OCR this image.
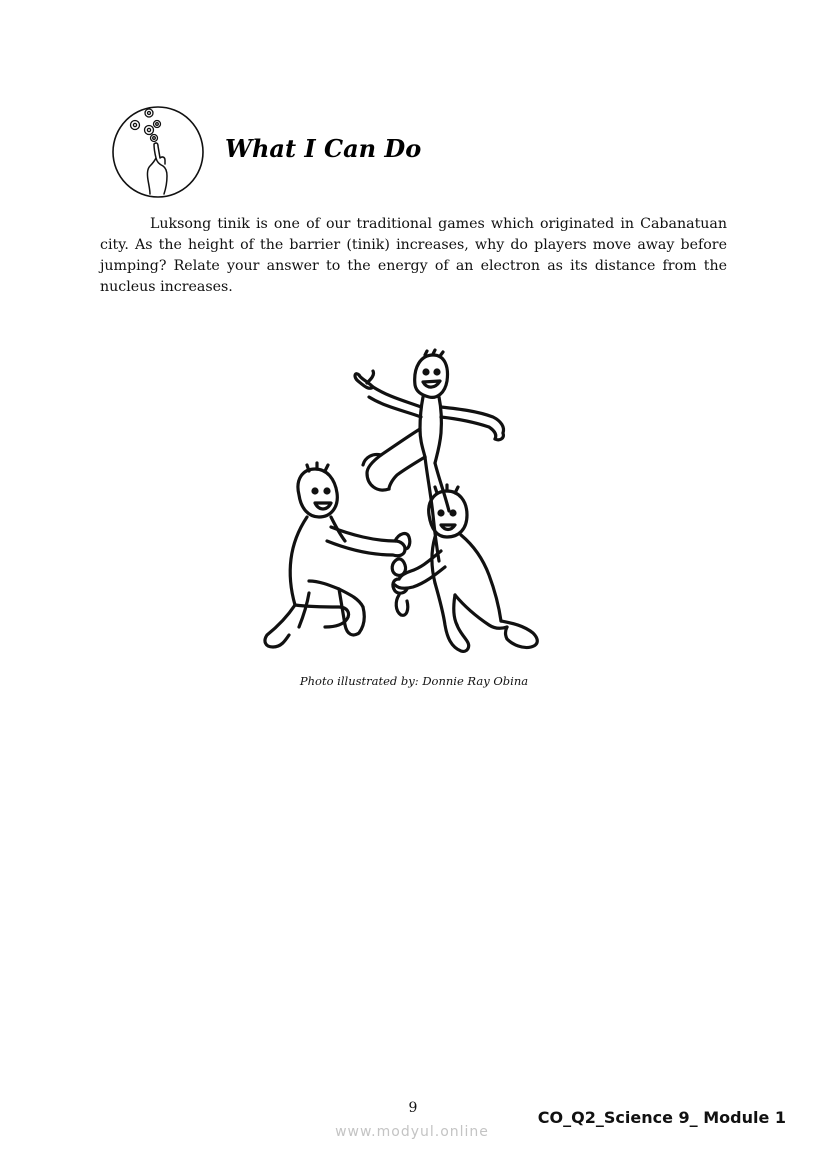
What I Can Do

Luksong tinik is one of our traditional games which originated in Cabanatuan city. As the height of the barrier (tinik) increases, why do players move away before jumping? Relate your answer to the energy of an electron as its distance from the nucleus increases.

Photo illustrated by: Donnie Ray Obina

9
www.modyul.online
CO_Q2_Science 9_ Module 1
